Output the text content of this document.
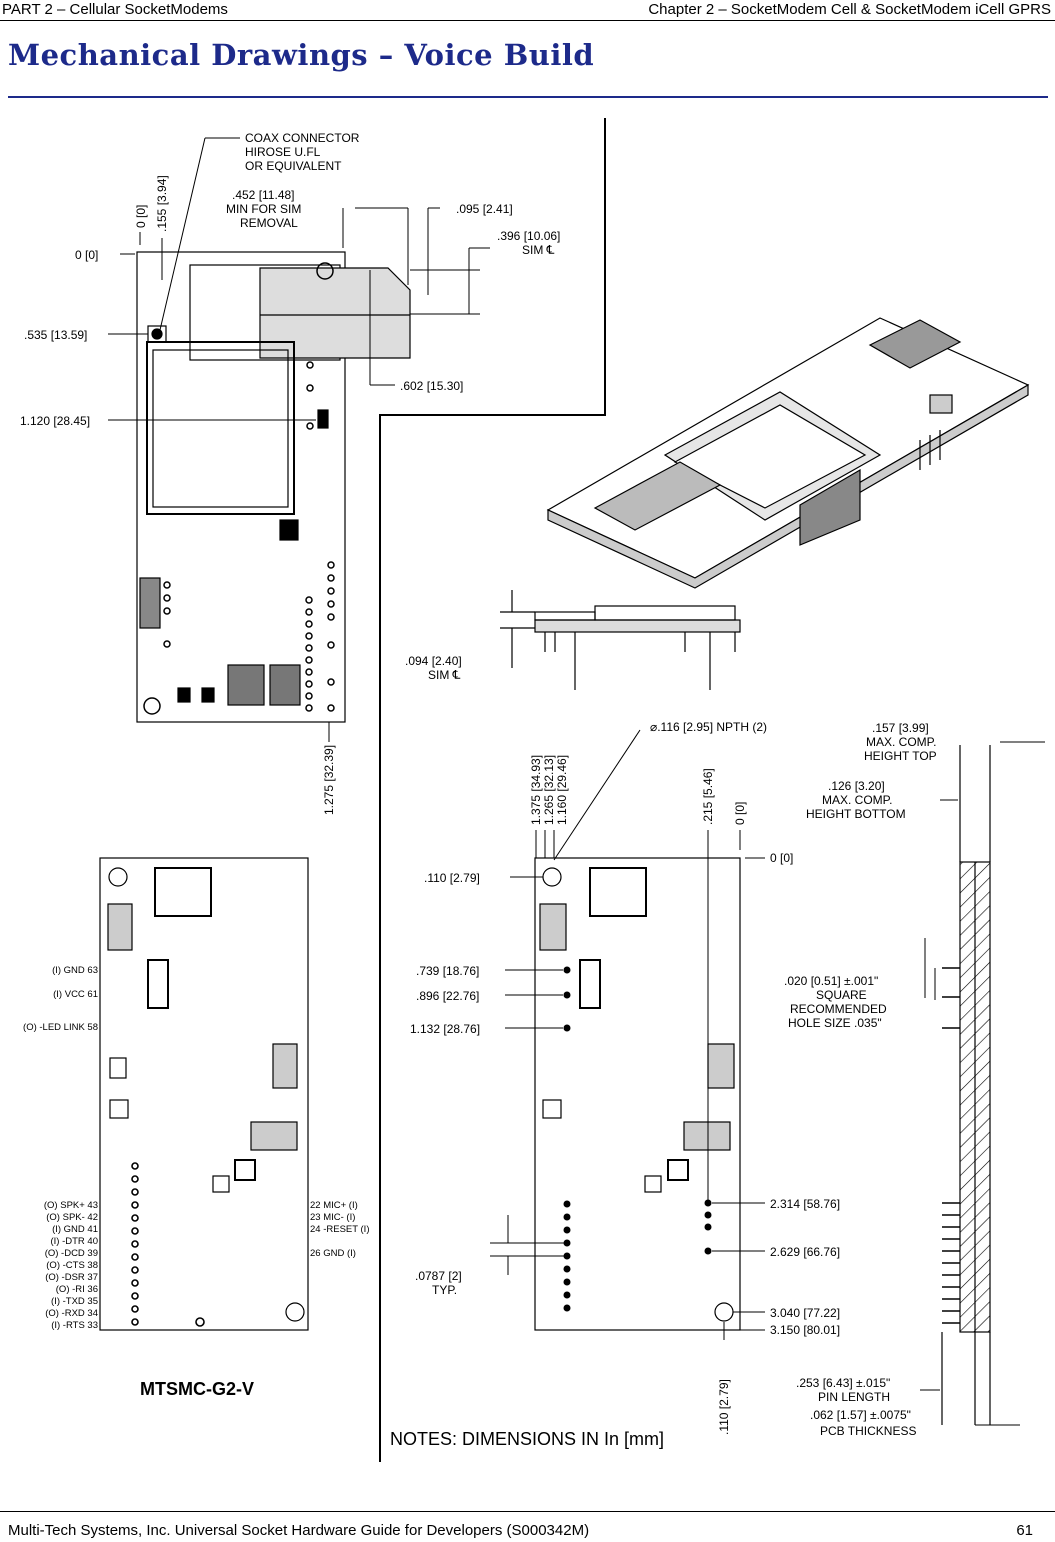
PART 2 – Cellular SocketModems	Chapter 2 – SocketModem Cell & SocketModem iCell GPRS
Mechanical Drawings – Voice Build
COAX CONNECTOR
HIROSE U.FL
OR EQUIVALENT
.452 [11.48]
MIN FOR SIM
REMOVAL
.095 [2.41]
.396 [10.06]
SIM ℄
0 [0]
0 [0] .155 [3.94]
.535 [13.59]
1.120 [28.45]
.602 [15.30]
1.275 [32.39]
.094 [2.40]
SIM ℄
(I) GND 63
(I) VCC 61
(O) -LED LINK 58
(O) SPK+ 43
(O) SPK- 42
(I) GND 41
(I) -DTR 40
(O) -DCD 39
(O) -CTS 38
(O) -DSR 37
(O) -RI 36
(I) -TXD 35
(O) -RXD 34
(I) -RTS 33
22 MIC+ (I)
23 MIC- (I)
24 -RESET (I)
26 GND (I)
MTSMC-G2-V
⌀.116 [2.95] NPTH (2)
1.375 [34.93] 1.265 [32.13] 1.160 [29.46]	.215 [5.46] 0 [0]
0 [0]
.110 [2.79]
.739 [18.76]
.896 [22.76]
1.132 [28.76]
2.314 [58.76]
2.629 [66.76]
3.040 [77.22]
3.150 [80.01]
.0787 [2]
TYP.
.110 [2.79]
.157 [3.99]
MAX. COMP.
HEIGHT TOP
.126 [3.20]
MAX. COMP.
HEIGHT BOTTOM
.020 [0.51] ±.001"
SQUARE
RECOMMENDED
HOLE SIZE .035"
.253 [6.43] ±.015"
PIN LENGTH
.062 [1.57] ±.0075"
PCB THICKNESS
NOTES: DIMENSIONS IN In [mm]
Multi-Tech Systems, Inc. Universal Socket Hardware Guide for Developers (S000342M)	61
